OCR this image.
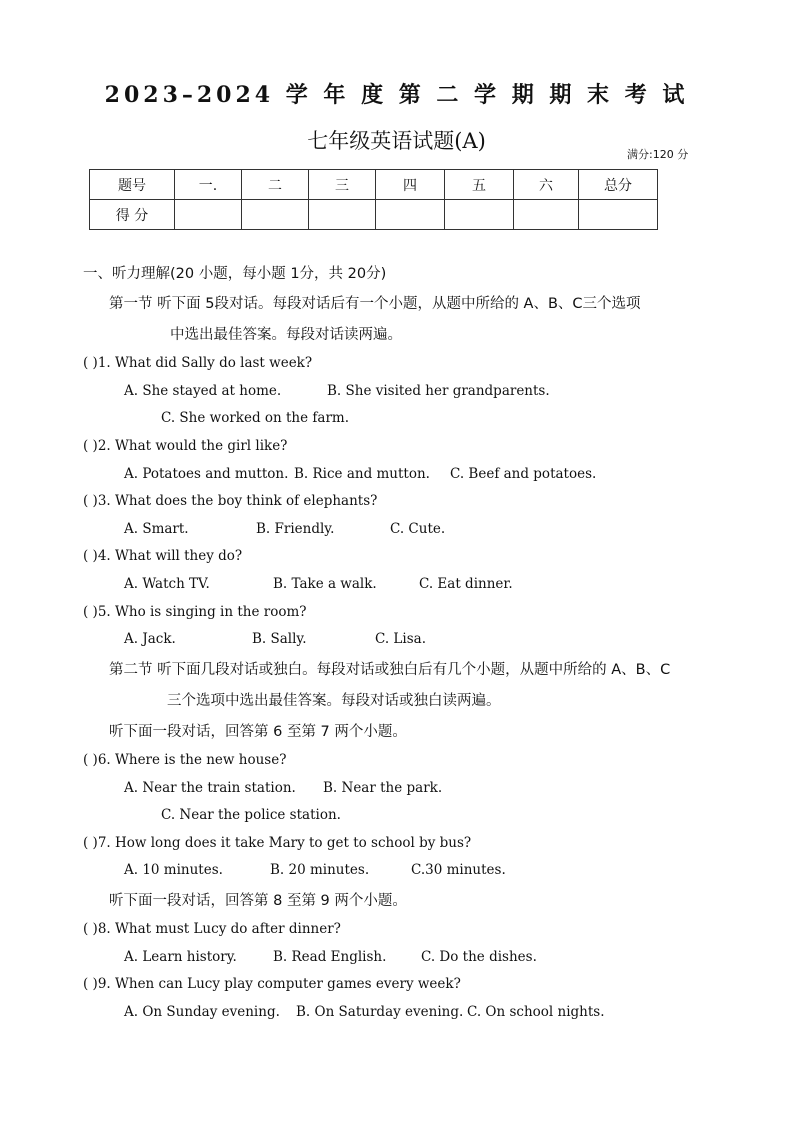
2023–2024 学 年 度 第 二 学 期 期 末 考 试
七年级英语试题(A)
满分:120 分
题号	一.	二	三	四	五	六	总分
得 分							
一、听力理解(20 小题，每小题 1分，共 20分)
第一节 听下面 5段对话。每段对话后有一个小题，从题中所给的 A、B、C三个选项
中选出最佳答案。每段对话读两遍。
( )1. What did Sally do last week?
A. She stayed at home.	B. She visited her grandparents.
C. She worked on the farm.
( )2. What would the girl like?
A. Potatoes and mutton. B. Rice and mutton. C. Beef and potatoes.
( )3. What does the boy think of elephants?
A. Smart.	B. Friendly.	C. Cute.
( )4. What will they do?
A. Watch TV.	B. Take a walk.	C. Eat dinner.
( )5. Who is singing in the room?
A. Jack.	B. Sally.	C. Lisa.
第二节 听下面几段对话或独白。每段对话或独白后有几个小题，从题中所给的 A、B、C
三个选项中选出最佳答案。每段对话或独白读两遍。
听下面一段对话，回答第 6 至第 7 两个小题。
( )6. Where is the new house?
A. Near the train station. B. Near the park.
C. Near the police station.
( )7. How long does it take Mary to get to school by bus?
A. 10 minutes.	B. 20 minutes.	C.30 minutes.
听下面一段对话，回答第 8 至第 9 两个小题。
( )8. What must Lucy do after dinner?
A. Learn history.	B. Read English.	C. Do the dishes.
( )9. When can Lucy play computer games every week?
A. On Sunday evening. B. On Saturday evening. C. On school nights.
